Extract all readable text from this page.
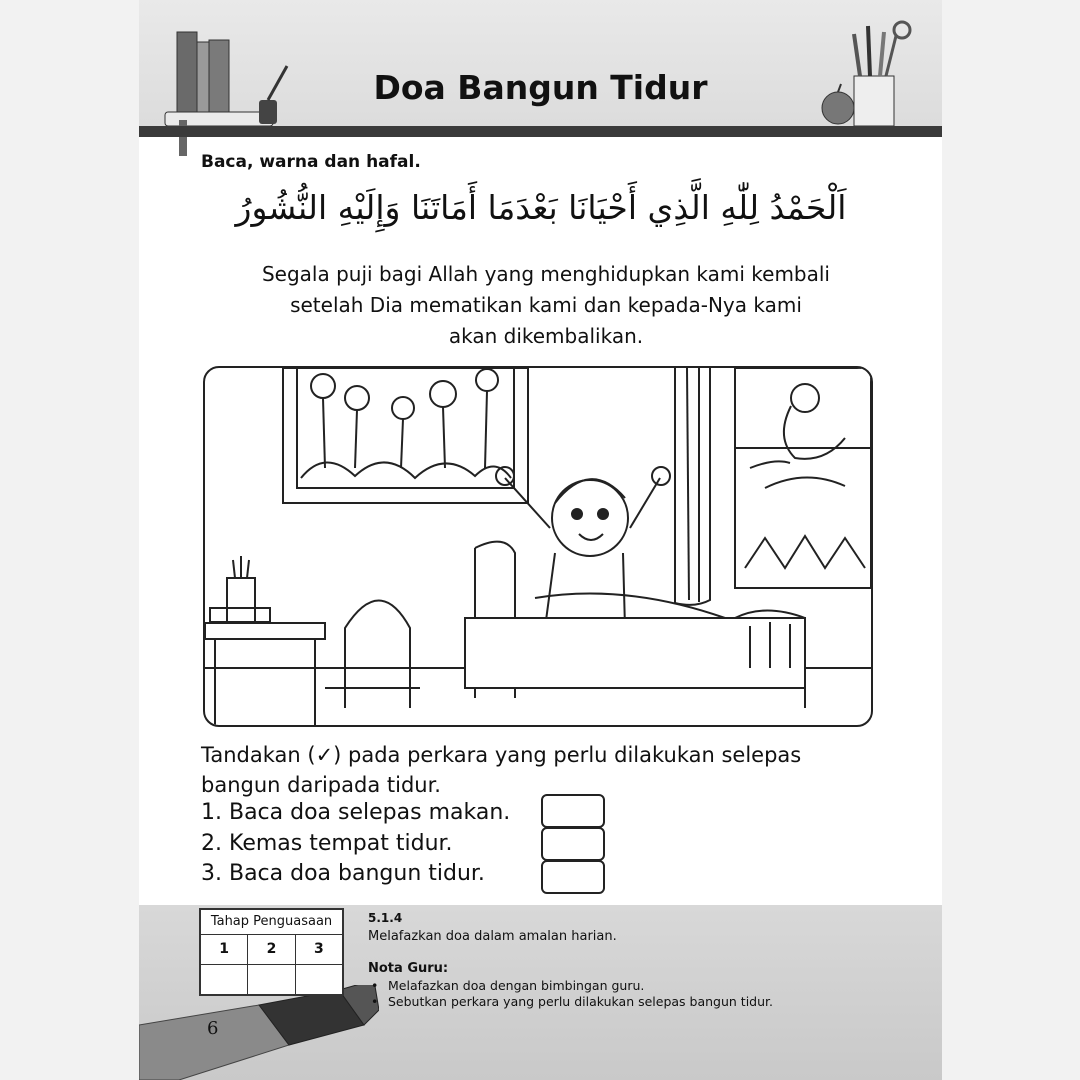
Doa Bangun Tidur
Baca, warna dan hafal.
اَلْحَمْدُ لِلّٰهِ الَّذِي أَحْيَانَا بَعْدَمَا أَمَاتَنَا وَإِلَيْهِ النُّشُورُ
Segala puji bagi Allah yang menghidupkan kami kembali
setelah Dia mematikan kami dan kepada-Nya kami
akan dikembalikan.
Tandakan (✓) pada perkara yang perlu dilakukan selepas
bangun daripada tidur.
1. Baca doa selepas makan.
2. Kemas tempat tidur.
3. Baca doa bangun tidur.
Tahap Penguasaan
1	2	3
5.1.4
Melafazkan doa dalam amalan harian.
Nota Guru:
• Melafazkan doa dengan bimbingan guru.
• Sebutkan perkara yang perlu dilakukan selepas bangun tidur.
6
